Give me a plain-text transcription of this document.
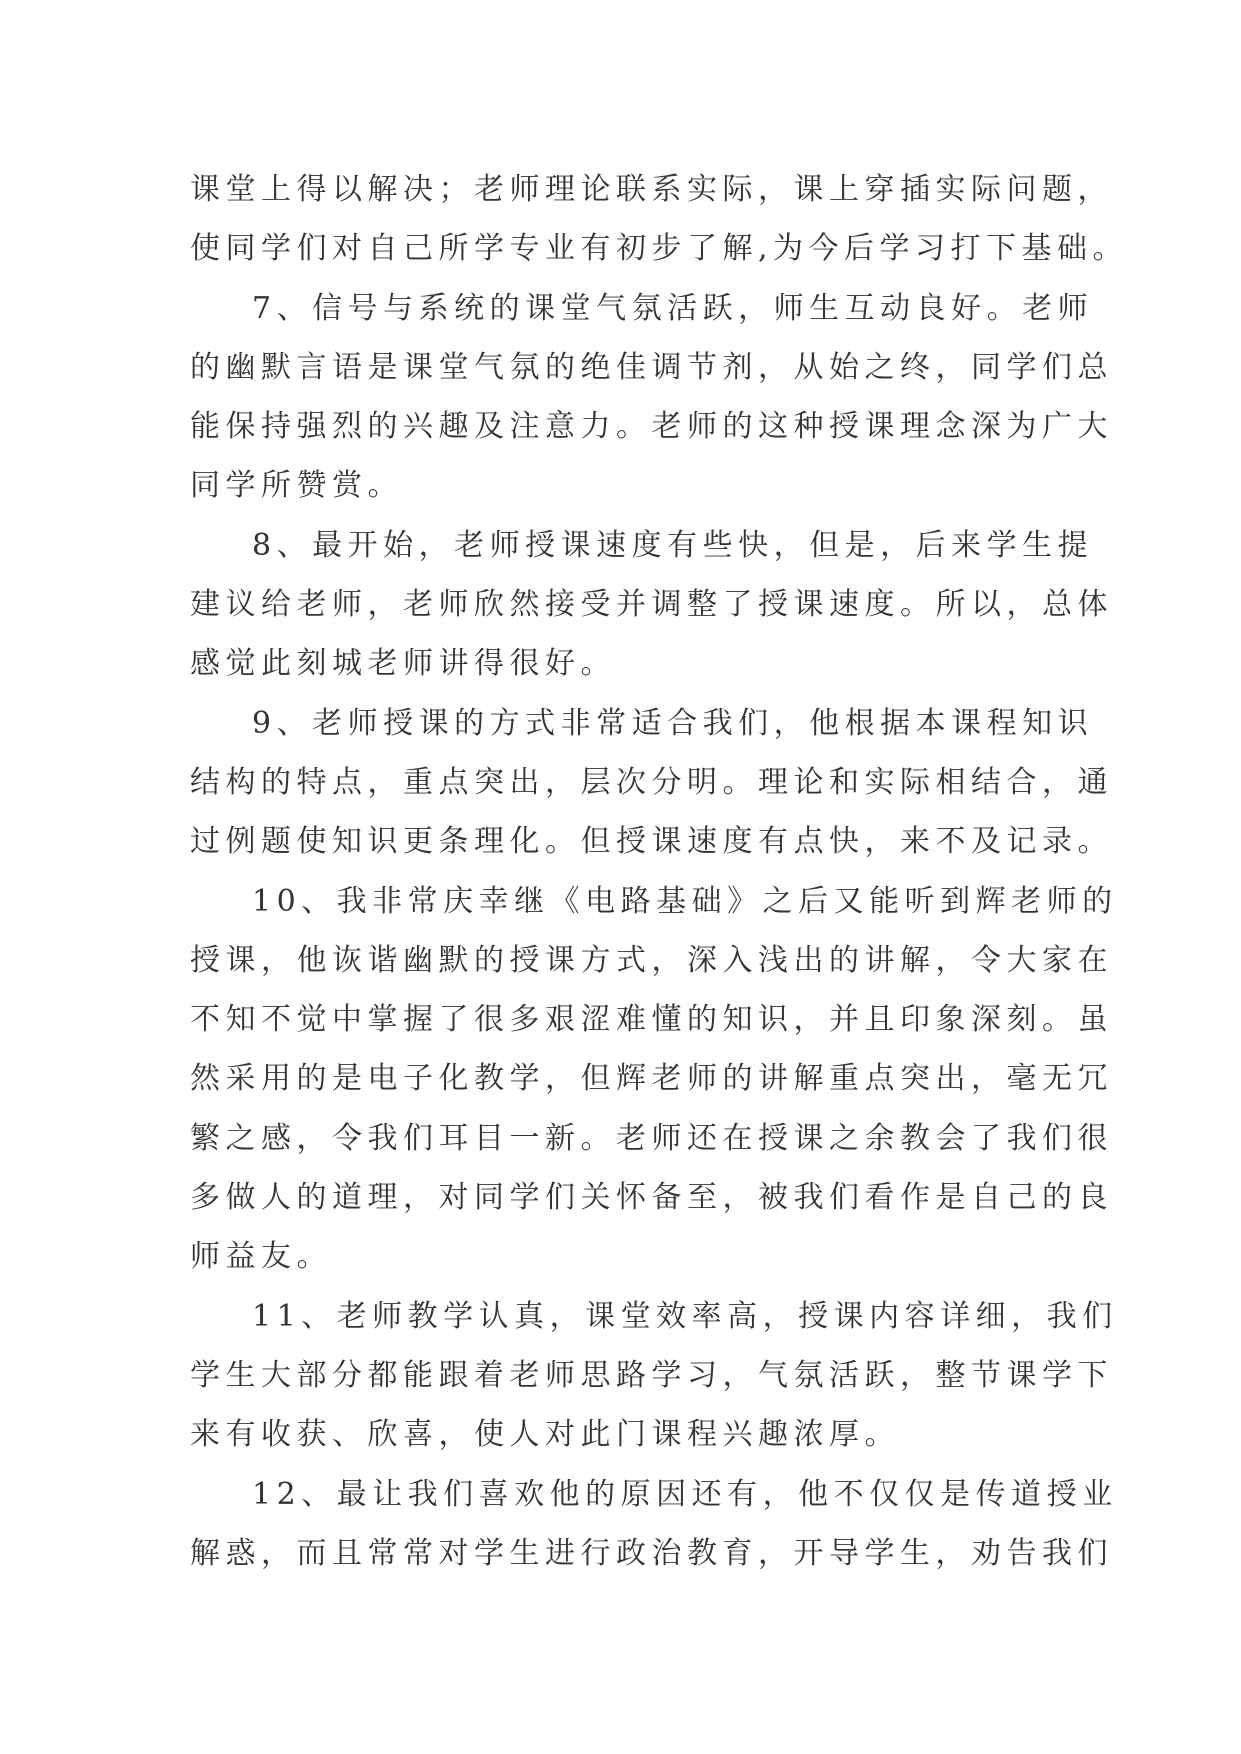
课堂上得以解决；老师理论联系实际，课上穿插实际问题，
使同学们对自己所学专业有初步了解,为今后学习打下基础。
7、信号与系统的课堂气氛活跃，师生互动良好。老师
的幽默言语是课堂气氛的绝佳调节剂，从始之终，同学们总
能保持强烈的兴趣及注意力。老师的这种授课理念深为广大
同学所赞赏。
8、最开始，老师授课速度有些快，但是，后来学生提
建议给老师，老师欣然接受并调整了授课速度。所以，总体
感觉此刻城老师讲得很好。
9、老师授课的方式非常适合我们，他根据本课程知识
结构的特点，重点突出，层次分明。理论和实际相结合，通
过例题使知识更条理化。但授课速度有点快，来不及记录。
10、我非常庆幸继《电路基础》之后又能听到辉老师的
授课，他诙谐幽默的授课方式，深入浅出的讲解，令大家在
不知不觉中掌握了很多艰涩难懂的知识，并且印象深刻。虽
然采用的是电子化教学，但辉老师的讲解重点突出，毫无冗
繁之感，令我们耳目一新。老师还在授课之余教会了我们很
多做人的道理，对同学们关怀备至，被我们看作是自己的良
师益友。
11、老师教学认真，课堂效率高，授课内容详细，我们
学生大部分都能跟着老师思路学习，气氛活跃，整节课学下
来有收获、欣喜，使人对此门课程兴趣浓厚。
12、最让我们喜欢他的原因还有，他不仅仅是传道授业
解惑，而且常常对学生进行政治教育，开导学生，劝告我们
